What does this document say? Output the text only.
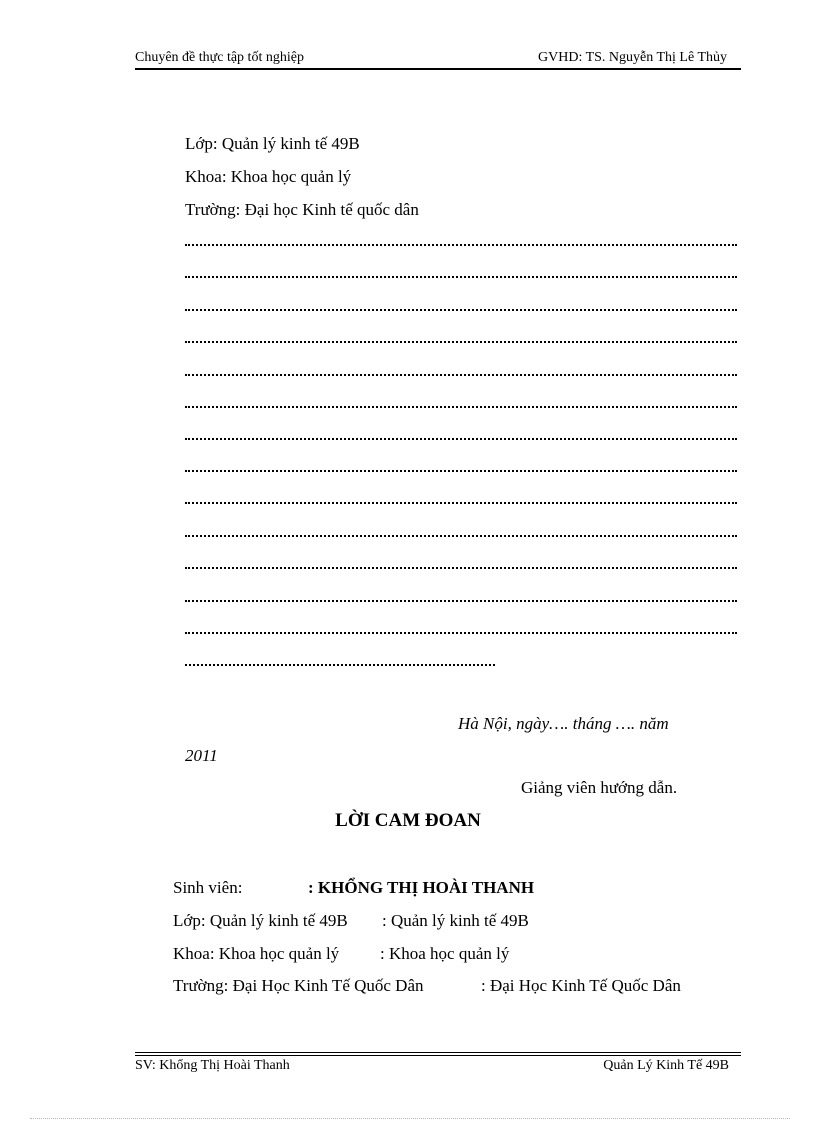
Chuyên đề thực tập tốt nghiệp	GVHD: TS. Nguyễn Thị Lê Thủy
Lớp: Quản lý kinh tế 49B
Khoa: Khoa học quản lý
Trường: Đại học Kinh tế quốc dân
Hà Nội, ngày…. tháng …. năm
2011
Giảng viên hướng dẫn.
LỜI CAM ĐOAN
Sinh viên:	: KHỔNG THỊ HOÀI THANH
Lớp: Quản lý kinh tế 49B : Quản lý kinh tế 49B
Khoa: Khoa học quản lý : Khoa học quản lý
Trường: Đại Học Kinh Tế Quốc Dân	: Đại Học Kinh Tế Quốc Dân
SV: Khổng Thị Hoài Thanh	Quản Lý Kinh Tế 49B
